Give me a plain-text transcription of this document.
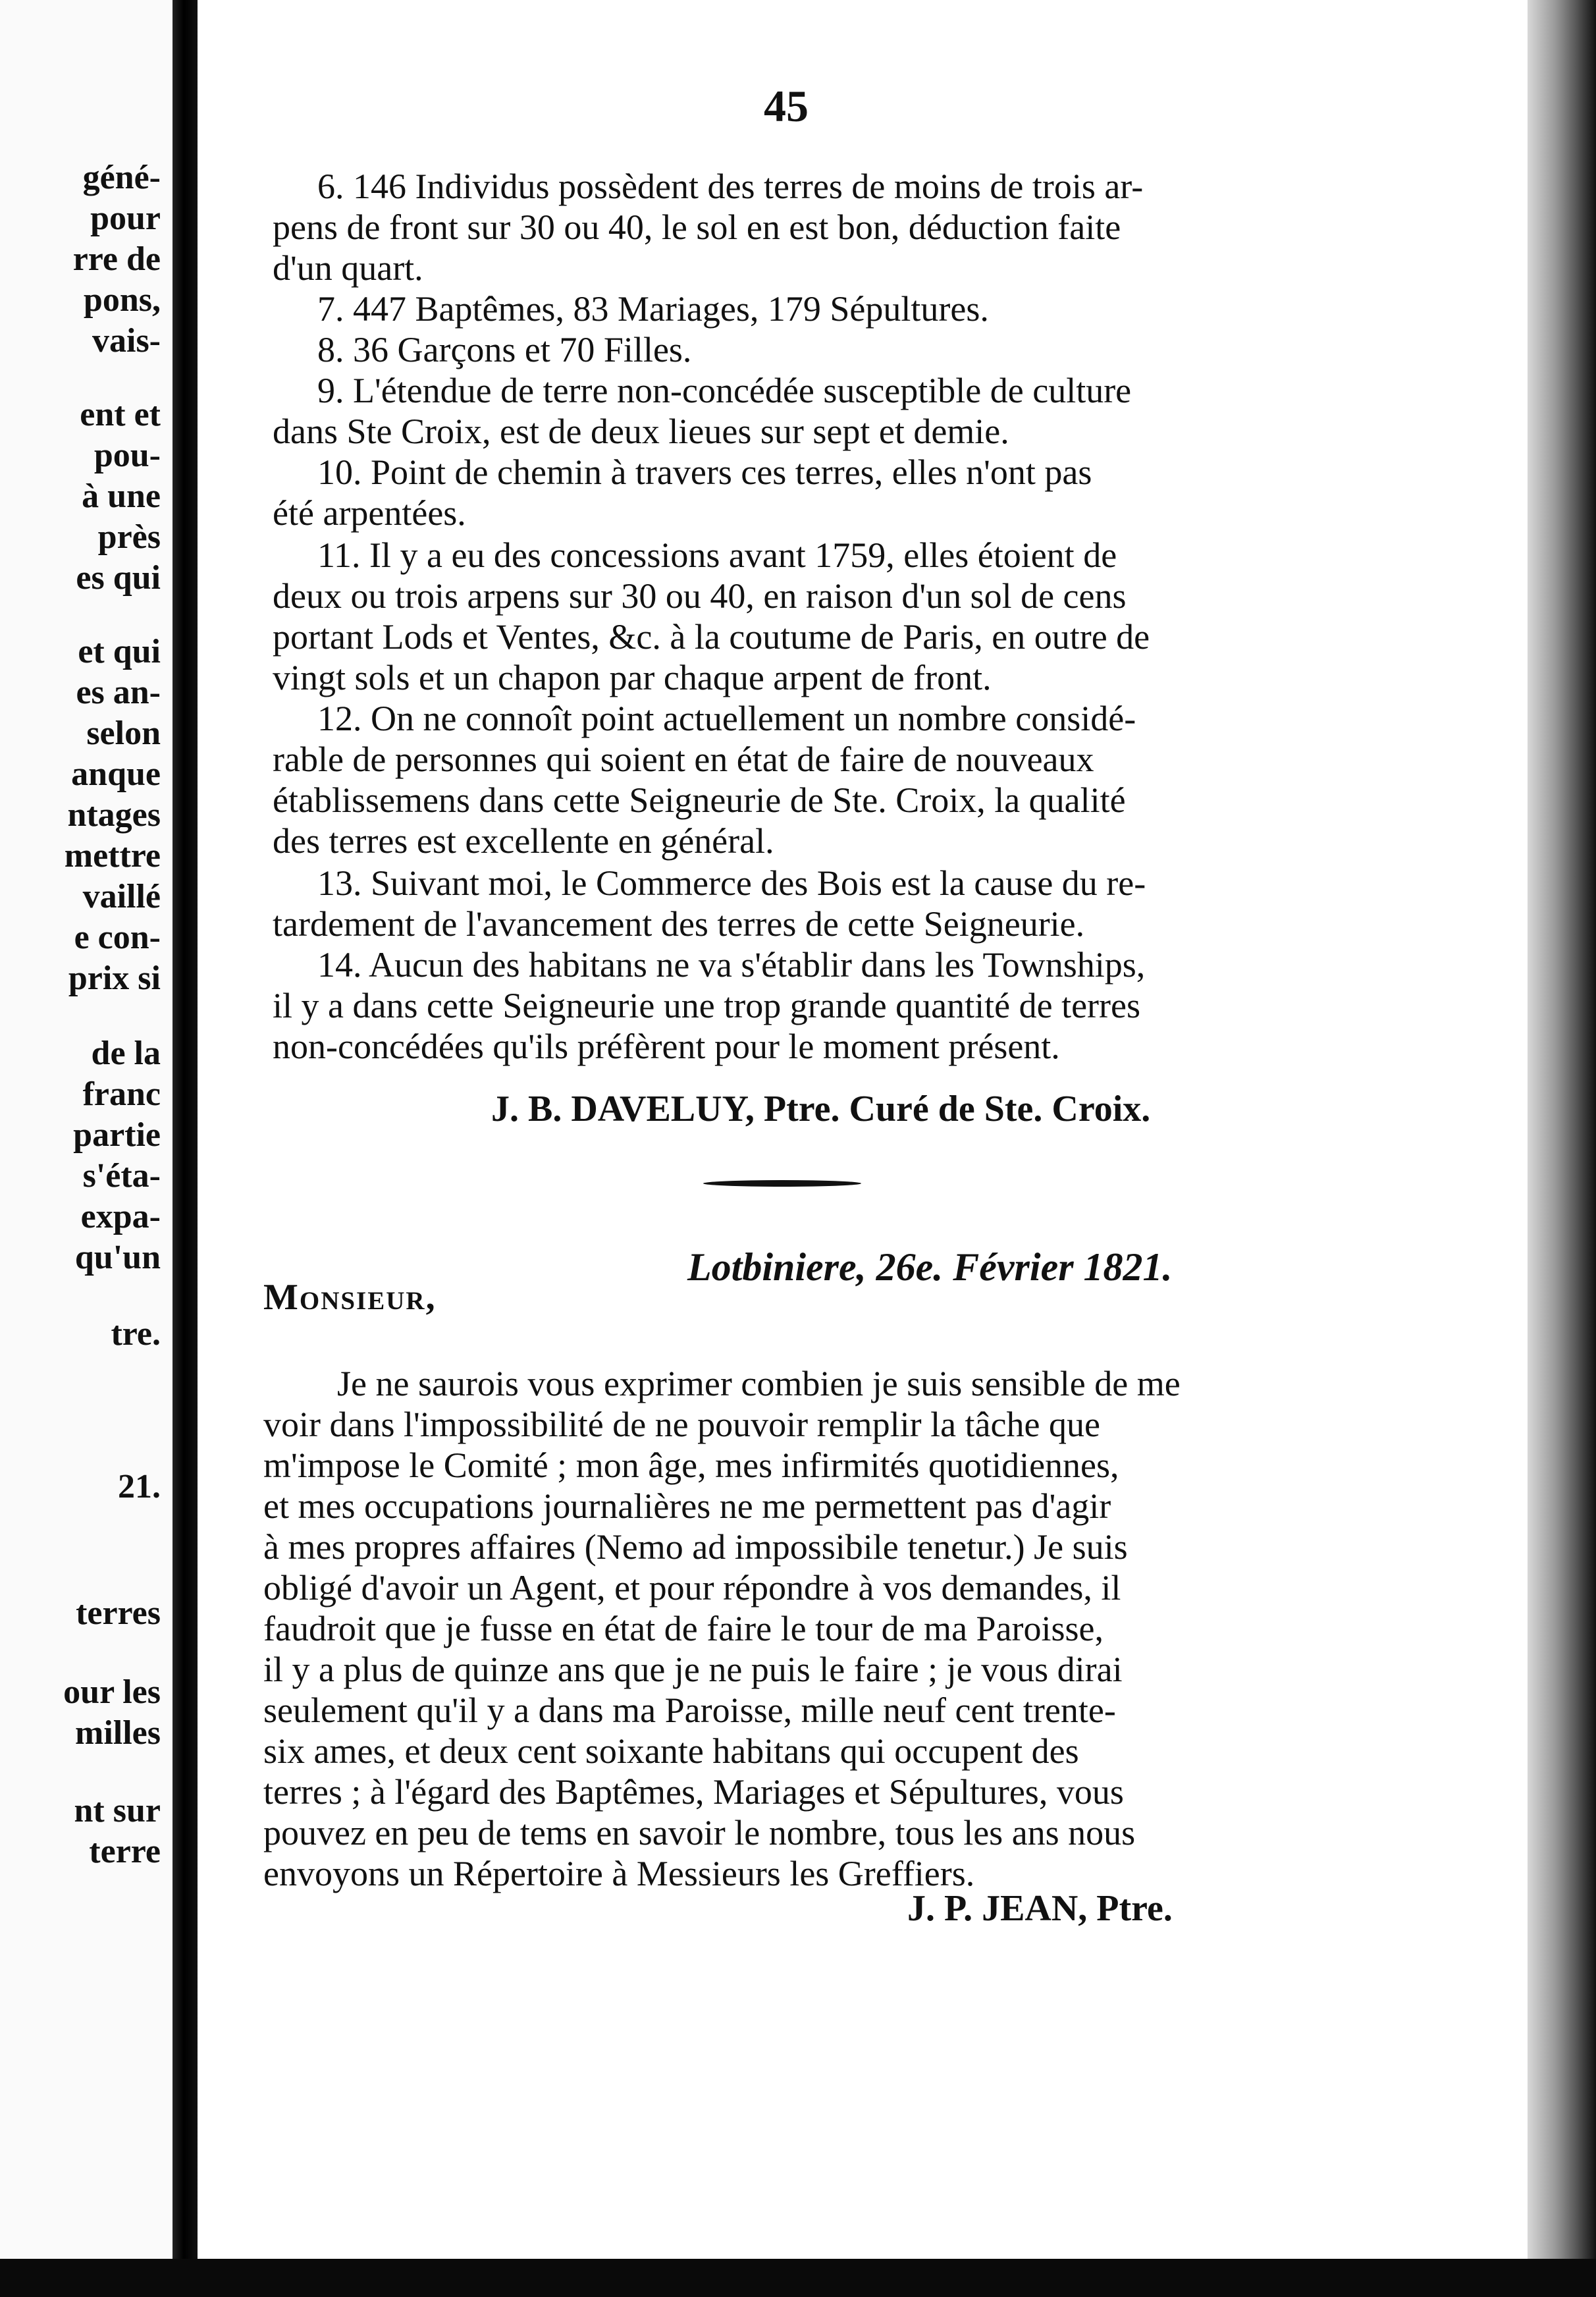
géné-
pour
rre de
pons,
vais-
ent et
pou-
à une
près
es qui
et qui
es an-
selon
anque
ntages
mettre
vaillé
e con-
prix si
de la
franc
partie
s'éta-
expa-
qu'un
tre.
21.
terres
our les
milles
nt sur
terre
45
6. 146 Individus possèdent des terres de moins de trois ar-
pens de front sur 30 ou 40, le sol en est bon, déduction faite
d'un quart.
7. 447 Baptêmes, 83 Mariages, 179 Sépultures.
8. 36 Garçons et 70 Filles.
9. L'étendue de terre non-concédée susceptible de culture
dans Ste Croix, est de deux lieues sur sept et demie.
10. Point de chemin à travers ces terres, elles n'ont pas
été arpentées.
11. Il y a eu des concessions avant 1759, elles étoient de
deux ou trois arpens sur 30 ou 40, en raison d'un sol de cens
portant Lods et Ventes, &c. à la coutume de Paris, en outre de
vingt sols et un chapon par chaque arpent de front.
12. On ne connoît point actuellement un nombre considé-
rable de personnes qui soient en état de faire de nouveaux
établissemens dans cette Seigneurie de Ste. Croix, la qualité
des terres est excellente en général.
13. Suivant moi, le Commerce des Bois est la cause du re-
tardement de l'avancement des terres de cette Seigneurie.
14. Aucun des habitans ne va s'établir dans les Townships,
il y a dans cette Seigneurie une trop grande quantité de terres
non-concédées qu'ils préfèrent pour le moment présent.
J. B. DAVELUY, Ptre. Curé de Ste. Croix.
Lotbiniere, 26e. Février 1821.
Monsieur,
Je ne saurois vous exprimer combien je suis sensible de me
voir dans l'impossibilité de ne pouvoir remplir la tâche que
m'impose le Comité ; mon âge, mes infirmités quotidiennes,
et mes occupations journalières ne me permettent pas d'agir
à mes propres affaires (Nemo ad impossibile tenetur.) Je suis
obligé d'avoir un Agent, et pour répondre à vos demandes, il
faudroit que je fusse en état de faire le tour de ma Paroisse,
il y a plus de quinze ans que je ne puis le faire ; je vous dirai
seulement qu'il y a dans ma Paroisse, mille neuf cent trente-
six ames, et deux cent soixante habitans qui occupent des
terres ; à l'égard des Baptêmes, Mariages et Sépultures, vous
pouvez en peu de tems en savoir le nombre, tous les ans nous
envoyons un Répertoire à Messieurs les Greffiers.
J. P. JEAN, Ptre.
